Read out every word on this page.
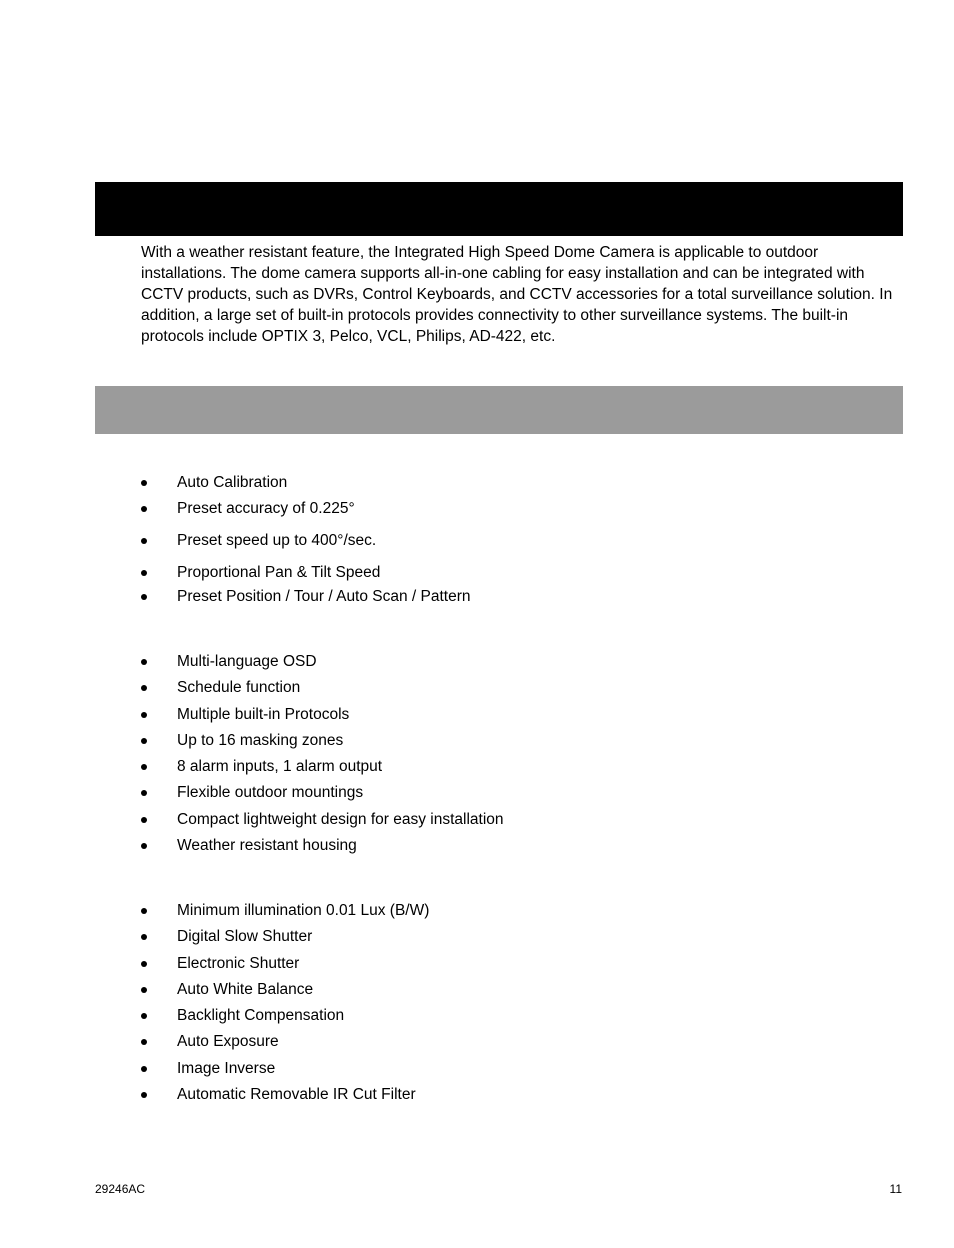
With a weather resistant feature, the Integrated High Speed Dome Camera is applicable to outdoor installations. The dome camera supports all-in-one cabling for easy installation and can be integrated with CCTV products, such as DVRs, Control Keyboards, and CCTV accessories for a total surveillance solution. In addition, a large set of built-in protocols provides connectivity to other surveillance systems. The built-in protocols include OPTIX 3, Pelco, VCL, Philips, AD-422, etc.

Auto Calibration
Preset accuracy of 0.225°
Preset speed up to 400°/sec.
Proportional Pan & Tilt Speed
Preset Position / Tour / Auto Scan / Pattern
Multi-language OSD
Schedule function
Multiple built-in Protocols
Up to 16 masking zones
8 alarm inputs, 1 alarm output
Flexible outdoor mountings
Compact lightweight design for easy installation
Weather resistant housing
Minimum illumination 0.01 Lux (B/W)
Digital Slow Shutter
Electronic Shutter
Auto White Balance
Backlight Compensation
Auto Exposure
Image Inverse
Automatic Removable IR Cut Filter
29246AC	11
